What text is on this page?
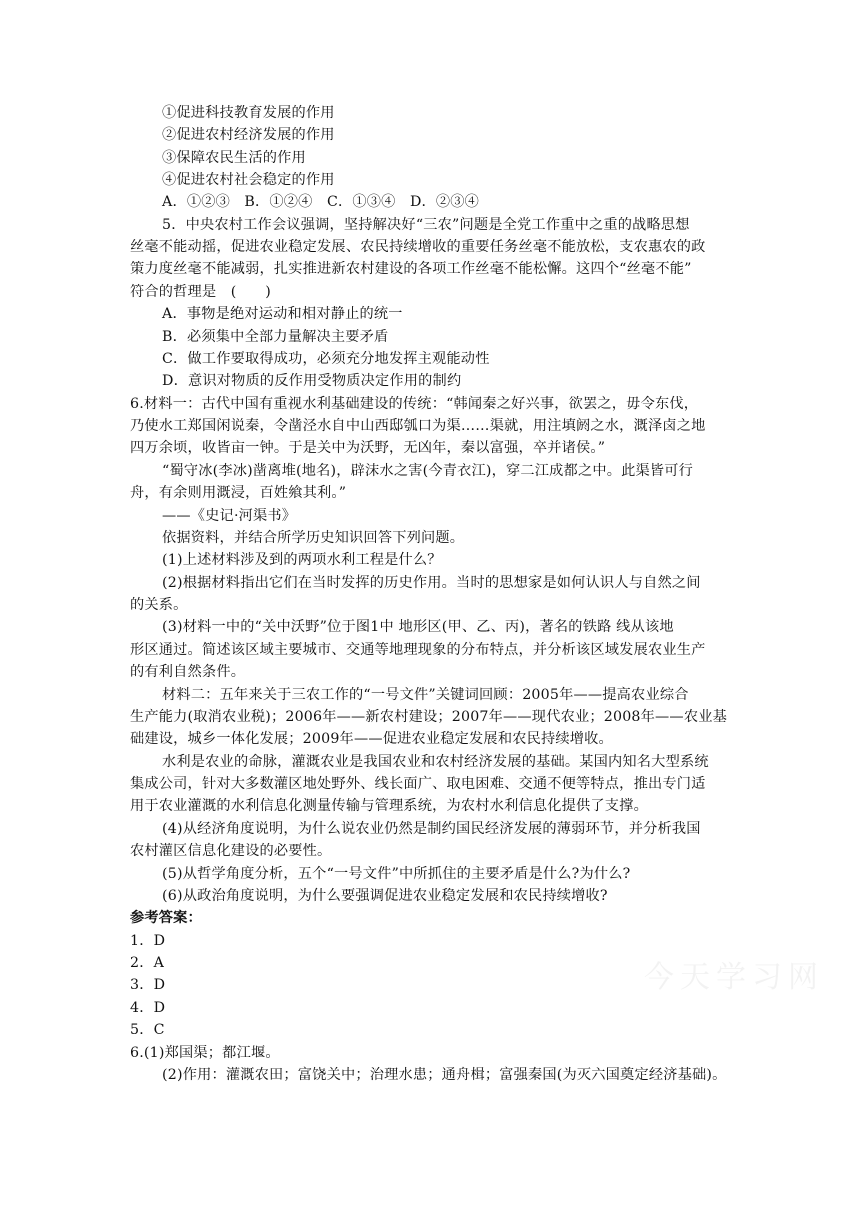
今天学习网
①促进科技教育发展的作用
②促进农村经济发展的作用
③保障农民生活的作用
④促进农村社会稳定的作用
A．①②③　B．①②④　C．①③④　D．②③④
5．中央农村工作会议强调，坚持解决好“三农”问题是全党工作重中之重的战略思想
丝毫不能动摇，促进农业稳定发展、农民持续增收的重要任务丝毫不能放松，支农惠农的政
策力度丝毫不能减弱，扎实推进新农村建设的各项工作丝毫不能松懈。这四个“丝毫不能”
符合的哲理是　(　　)
A．事物是绝对运动和相对静止的统一
B．必须集中全部力量解决主要矛盾
C．做工作要取得成功，必须充分地发挥主观能动性
D．意识对物质的反作用受物质决定作用的制约
6.材料一：古代中国有重视水利基础建设的传统：“韩闻秦之好兴事，欲罢之，毋令东伐，
乃使水工郑国闲说秦，令凿泾水自中山西邸瓠口为渠……渠就，用注填阏之水，溉泽卤之地
四万余顷，收皆亩一钟。于是关中为沃野，无凶年，秦以富强，卒并诸侯。”
“蜀守冰(李冰)凿离堆(地名)，辟沫水之害(今青衣江)，穿二江成都之中。此渠皆可行
舟，有余则用溉浸，百姓飨其利。”
——《史记·河渠书》
依据资料，并结合所学历史知识回答下列问题。
(1)上述材料涉及到的两项水利工程是什么？
(2)根据材料指出它们在当时发挥的历史作用。当时的思想家是如何认识人与自然之间
的关系。
(3)材料一中的“关中沃野”位于图1中 地形区(甲、乙、丙)，著名的铁路 线从该地
形区通过。简述该区域主要城市、交通等地理现象的分布特点，并分析该区域发展农业生产
的有利自然条件。
材料二：五年来关于三农工作的“一号文件”关键词回顾：2005年——提高农业综合
生产能力(取消农业税)；2006年——新农村建设；2007年——现代农业；2008年——农业基
础建设，城乡一体化发展；2009年——促进农业稳定发展和农民持续增收。
水利是农业的命脉，灌溉农业是我国农业和农村经济发展的基础。某国内知名大型系统
集成公司，针对大多数灌区地处野外、线长面广、取电困难、交通不便等特点，推出专门适
用于农业灌溉的水利信息化测量传输与管理系统，为农村水利信息化提供了支撑。
(4)从经济角度说明，为什么说农业仍然是制约国民经济发展的薄弱环节，并分析我国
农村灌区信息化建设的必要性。
(5)从哲学角度分析，五个“一号文件”中所抓住的主要矛盾是什么?为什么?
(6)从政治角度说明，为什么要强调促进农业稳定发展和农民持续增收?
参考答案：
1．D
2．A
3．D
4．D
5．C
6.(1)郑国渠；都江堰。
(2)作用：灌溉农田；富饶关中；治理水患；通舟楫；富强秦国(为灭六国奠定经济基础)。
